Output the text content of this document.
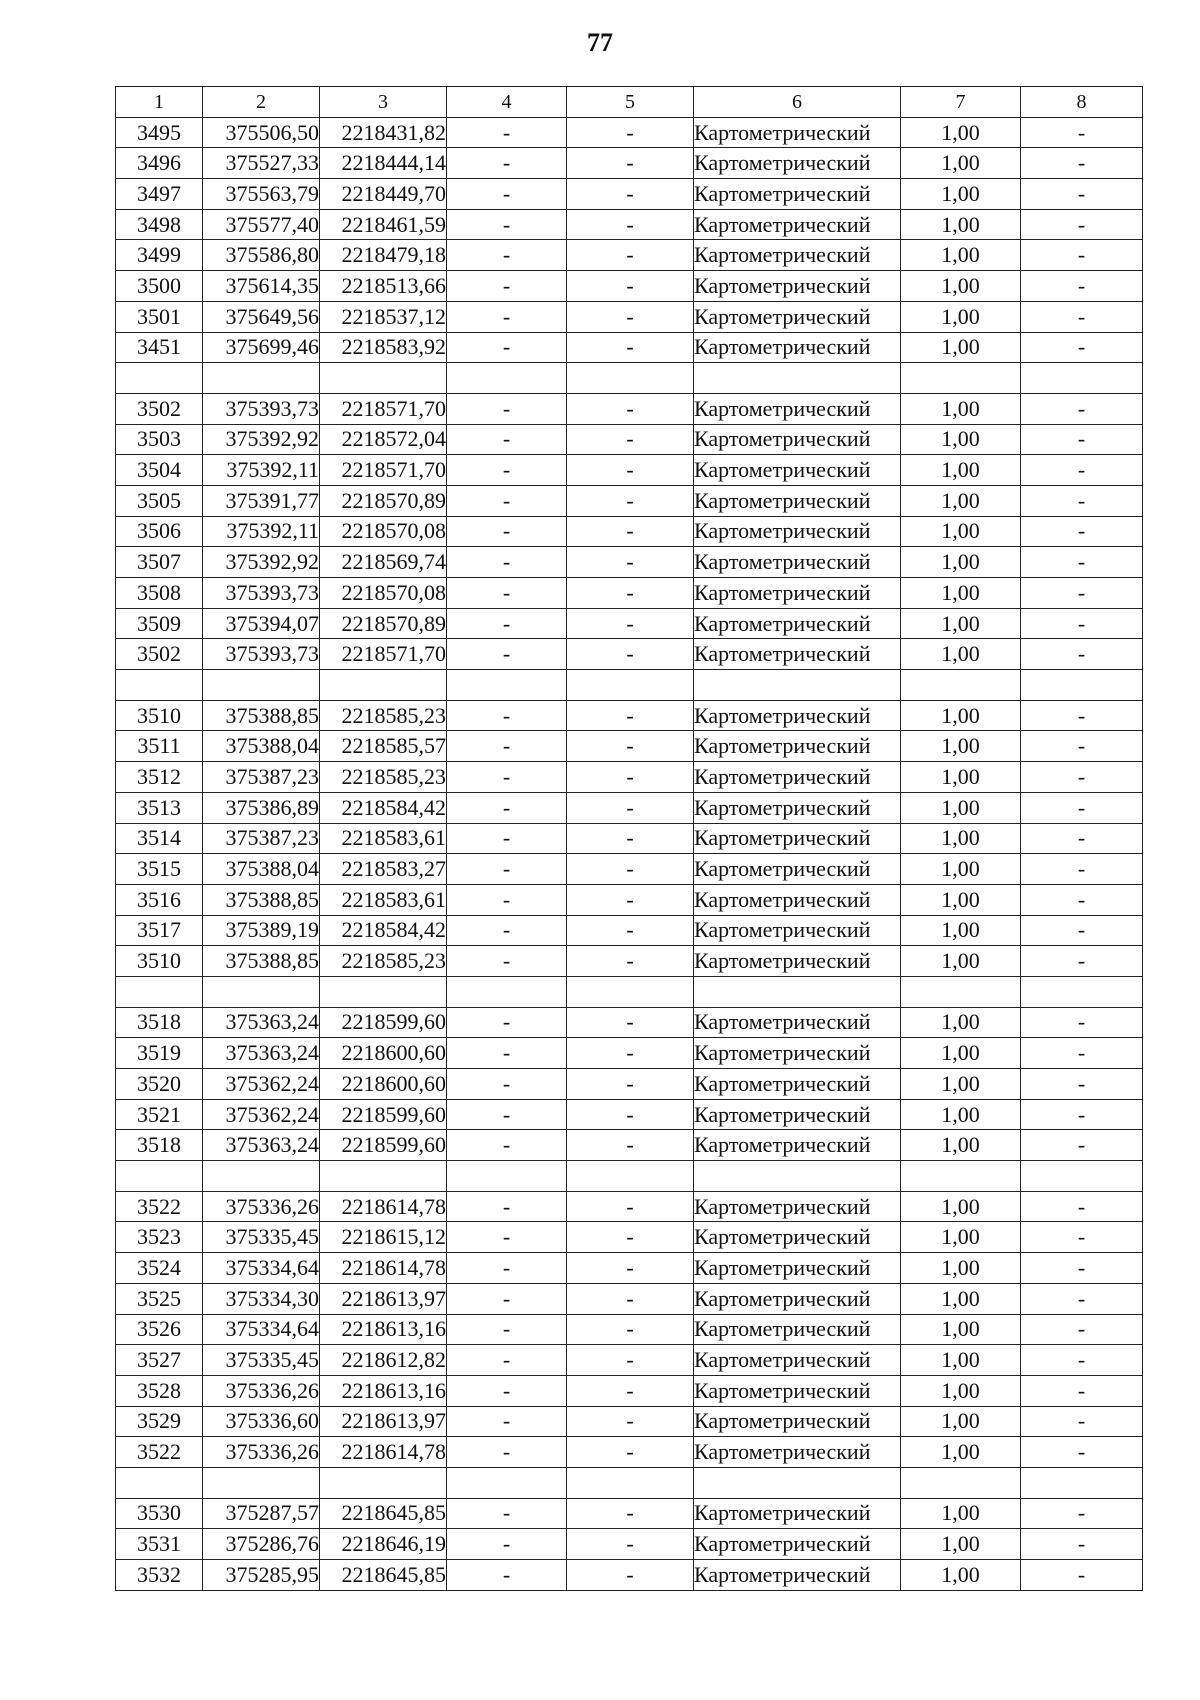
77
1	2	3	4	5	6	7	8
3495	375506,50	2218431,82	-	-	Картометрический	1,00	-
3496	375527,33	2218444,14	-	-	Картометрический	1,00	-
3497	375563,79	2218449,70	-	-	Картометрический	1,00	-
3498	375577,40	2218461,59	-	-	Картометрический	1,00	-
3499	375586,80	2218479,18	-	-	Картометрический	1,00	-
3500	375614,35	2218513,66	-	-	Картометрический	1,00	-
3501	375649,56	2218537,12	-	-	Картометрический	1,00	-
3451	375699,46	2218583,92	-	-	Картометрический	1,00	-

3502	375393,73	2218571,70	-	-	Картометрический	1,00	-
3503	375392,92	2218572,04	-	-	Картометрический	1,00	-
3504	375392,11	2218571,70	-	-	Картометрический	1,00	-
3505	375391,77	2218570,89	-	-	Картометрический	1,00	-
3506	375392,11	2218570,08	-	-	Картометрический	1,00	-
3507	375392,92	2218569,74	-	-	Картометрический	1,00	-
3508	375393,73	2218570,08	-	-	Картометрический	1,00	-
3509	375394,07	2218570,89	-	-	Картометрический	1,00	-
3502	375393,73	2218571,70	-	-	Картометрический	1,00	-

3510	375388,85	2218585,23	-	-	Картометрический	1,00	-
3511	375388,04	2218585,57	-	-	Картометрический	1,00	-
3512	375387,23	2218585,23	-	-	Картометрический	1,00	-
3513	375386,89	2218584,42	-	-	Картометрический	1,00	-
3514	375387,23	2218583,61	-	-	Картометрический	1,00	-
3515	375388,04	2218583,27	-	-	Картометрический	1,00	-
3516	375388,85	2218583,61	-	-	Картометрический	1,00	-
3517	375389,19	2218584,42	-	-	Картометрический	1,00	-
3510	375388,85	2218585,23	-	-	Картометрический	1,00	-

3518	375363,24	2218599,60	-	-	Картометрический	1,00	-
3519	375363,24	2218600,60	-	-	Картометрический	1,00	-
3520	375362,24	2218600,60	-	-	Картометрический	1,00	-
3521	375362,24	2218599,60	-	-	Картометрический	1,00	-
3518	375363,24	2218599,60	-	-	Картометрический	1,00	-

3522	375336,26	2218614,78	-	-	Картометрический	1,00	-
3523	375335,45	2218615,12	-	-	Картометрический	1,00	-
3524	375334,64	2218614,78	-	-	Картометрический	1,00	-
3525	375334,30	2218613,97	-	-	Картометрический	1,00	-
3526	375334,64	2218613,16	-	-	Картометрический	1,00	-
3527	375335,45	2218612,82	-	-	Картометрический	1,00	-
3528	375336,26	2218613,16	-	-	Картометрический	1,00	-
3529	375336,60	2218613,97	-	-	Картометрический	1,00	-
3522	375336,26	2218614,78	-	-	Картометрический	1,00	-

3530	375287,57	2218645,85	-	-	Картометрический	1,00	-
3531	375286,76	2218646,19	-	-	Картометрический	1,00	-
3532	375285,95	2218645,85	-	-	Картометрический	1,00	-
